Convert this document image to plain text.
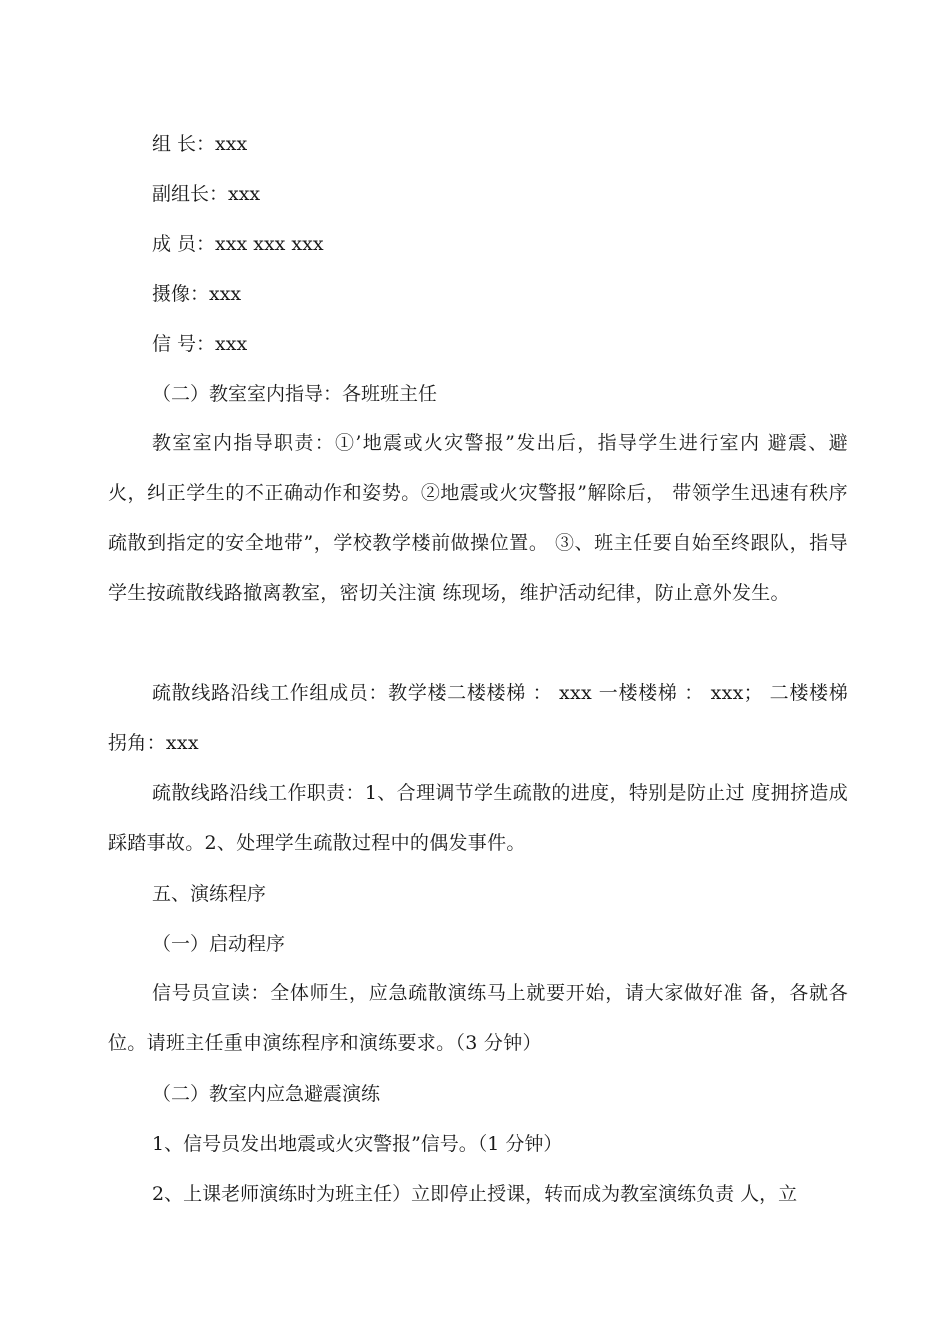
组 长：xxx
副组长：xxx
成 员：xxx xxx xxx
摄像：xxx
信 号：xxx
（二）教室室内指导：各班班主任
教室室内指导职责：①’地震或火灾警报”发出后，指导学生进行室内 避震、避火，纠正学生的不正确动作和姿势。②地震或火灾警报”解除后， 带领学生迅速有秩序疏散到指定的安全地带”，学校教学楼前做操位置。 ③、班主任要自始至终跟队，指导学生按疏散线路撤离教室，密切关注演 练现场，维护活动纪律，防止意外发生。
疏散线路沿线工作组成员：教学楼二楼楼梯 ： xxx 一楼楼梯 ： xxx； 二楼楼梯拐角：xxx
疏散线路沿线工作职责：1、合理调节学生疏散的进度，特别是防止过 度拥挤造成踩踏事故。2、处理学生疏散过程中的偶发事件。
五、演练程序
（一）启动程序
信号员宣读：全体师生，应急疏散演练马上就要开始，请大家做好准 备，各就各位。请班主任重申演练程序和演练要求。（3 分钟）
（二）教室内应急避震演练
1、信号员发出地震或火灾警报”信号。（1 分钟）
2、上课老师演练时为班主任）立即停止授课，转而成为教室演练负责 人，立
